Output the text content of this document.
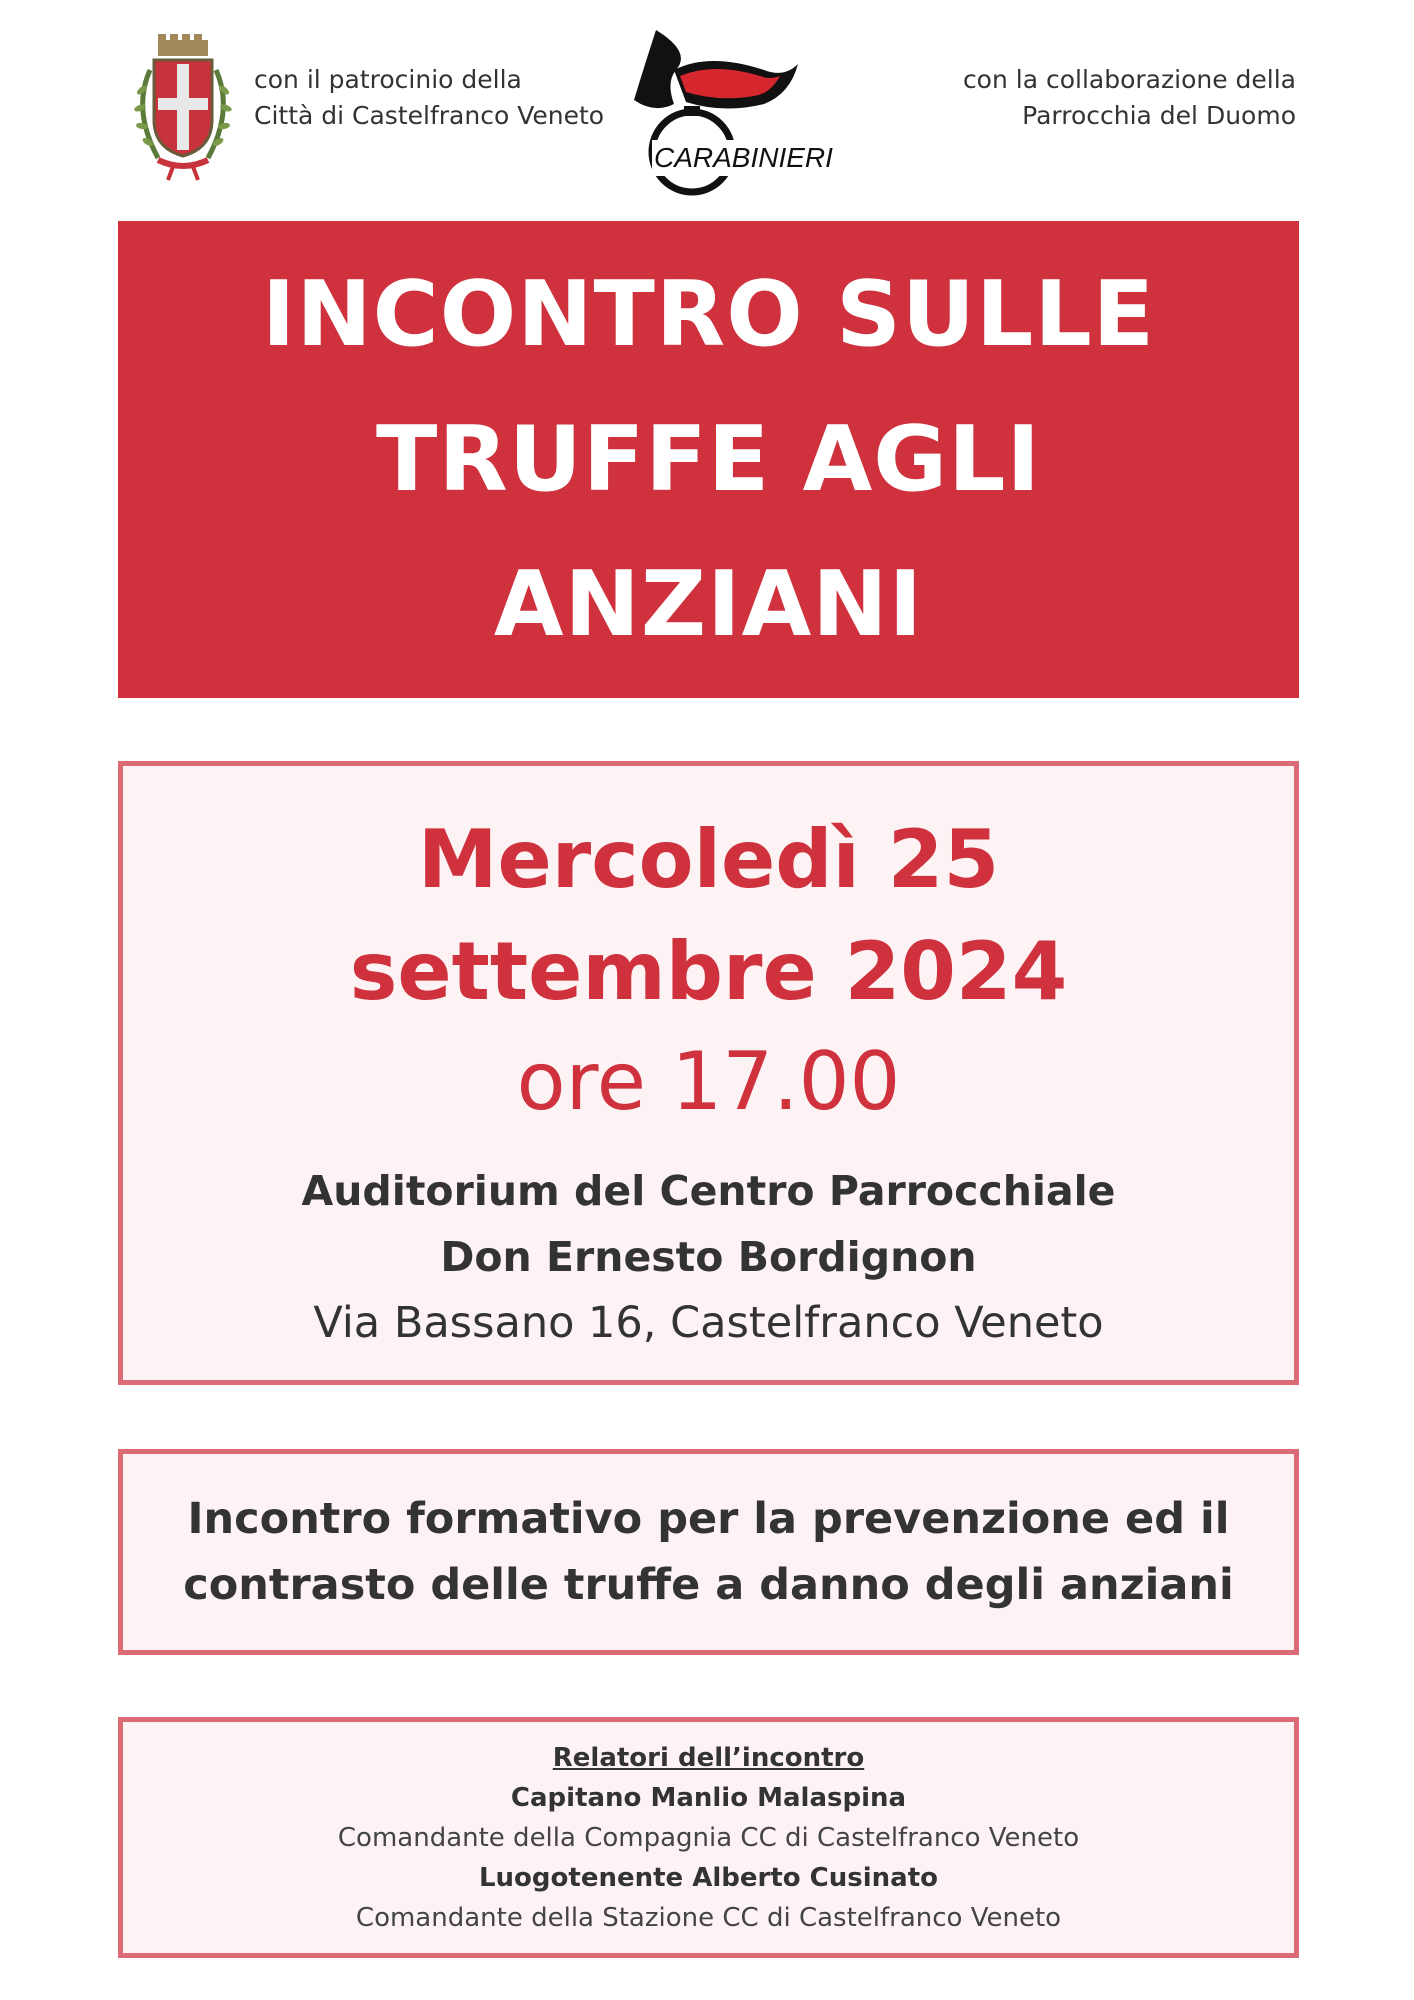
con il patrocinio della
Città di Castelfranco Veneto
CARABINIERI
con la collaborazione della
Parrocchia del Duomo
INCONTRO SULLE
TRUFFE AGLI
ANZIANI
Mercoledì 25
settembre 2024
ore 17.00
Auditorium del Centro Parrocchiale
Don Ernesto Bordignon
Via Bassano 16, Castelfranco Veneto
Incontro formativo per la prevenzione ed il
contrasto delle truffe a danno degli anziani
Relatori dell’incontro
Capitano Manlio Malaspina
Comandante della Compagnia CC di Castelfranco Veneto
Luogotenente Alberto Cusinato
Comandante della Stazione CC di Castelfranco Veneto
